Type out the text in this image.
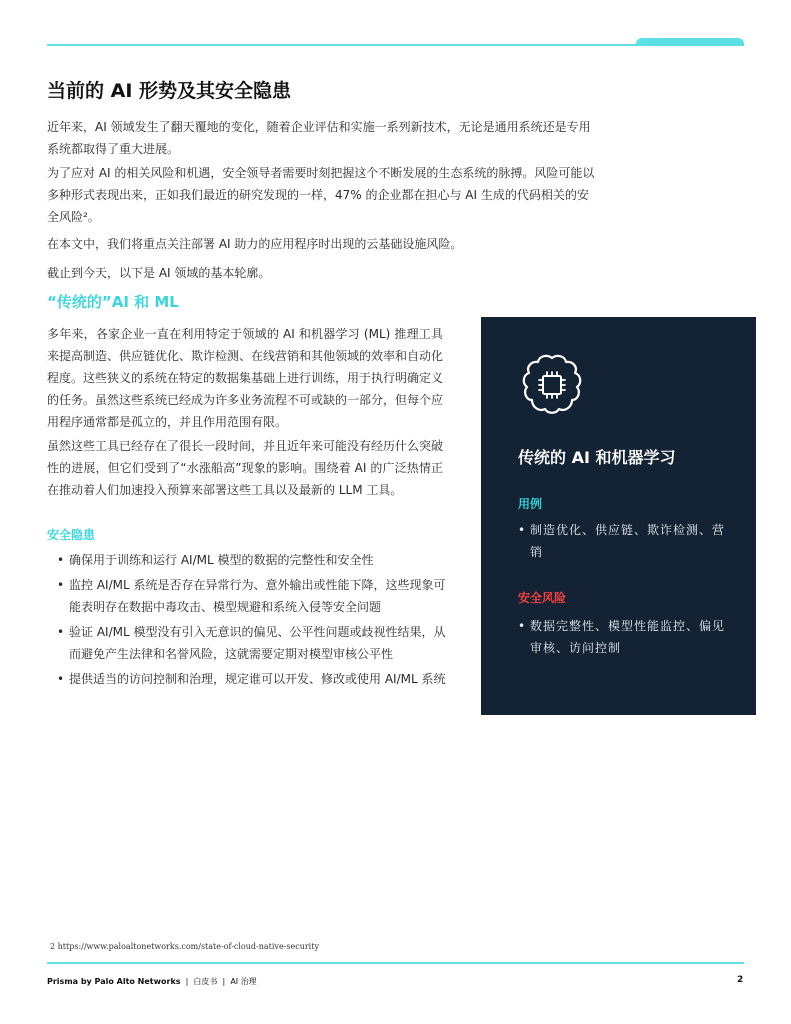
当前的 AI 形势及其安全隐患

近年来，AI 领域发生了翻天覆地的变化，随着企业评估和实施一系列新技术，无论是通用系统还是专用系统都取得了重大进展。

为了应对 AI 的相关风险和机遇，安全领导者需要时刻把握这个不断发展的生态系统的脉搏。风险可能以多种形式表现出来，正如我们最近的研究发现的一样，47% 的企业都在担心与 AI 生成的代码相关的安全风险²。

在本文中，我们将重点关注部署 AI 助力的应用程序时出现的云基础设施风险。

截止到今天，以下是 AI 领域的基本轮廓。

“传统的”AI 和 ML

多年来，各家企业一直在利用特定于领域的 AI 和机器学习 (ML) 推理工具来提高制造、供应链优化、欺诈检测、在线营销和其他领域的效率和自动化程度。这些狭义的系统在特定的数据集基础上进行训练，用于执行明确定义的任务。虽然这些系统已经成为许多业务流程不可或缺的一部分，但每个应用程序通常都是孤立的，并且作用范围有限。

虽然这些工具已经存在了很长一段时间，并且近年来可能没有经历什么突破性的进展，但它们受到了“水涨船高”现象的影响。围绕着 AI 的广泛热情正在推动着人们加速投入预算来部署这些工具以及最新的 LLM 工具。

安全隐患
• 确保用于训练和运行 AI/ML 模型的数据的完整性和安全性
• 监控 AI/ML 系统是否存在异常行为、意外输出或性能下降，这些现象可能表明存在数据中毒攻击、模型规避和系统入侵等安全问题
• 验证 AI/ML 模型没有引入无意识的偏见、公平性问题或歧视性结果，从而避免产生法律和名誉风险，这就需要定期对模型审核公平性
• 提供适当的访问控制和治理，规定谁可以开发、修改或使用 AI/ML 系统
传统的 AI 和机器学习
用例
• 制造优化、供应链、欺诈检测、营销
安全风险
• 数据完整性、模型性能监控、偏见审核、访问控制

2 https://www.paloaltonetworks.com/state-of-cloud-native-security

Prisma by Palo Alto Networks | 白皮书 | AI 治理	2
